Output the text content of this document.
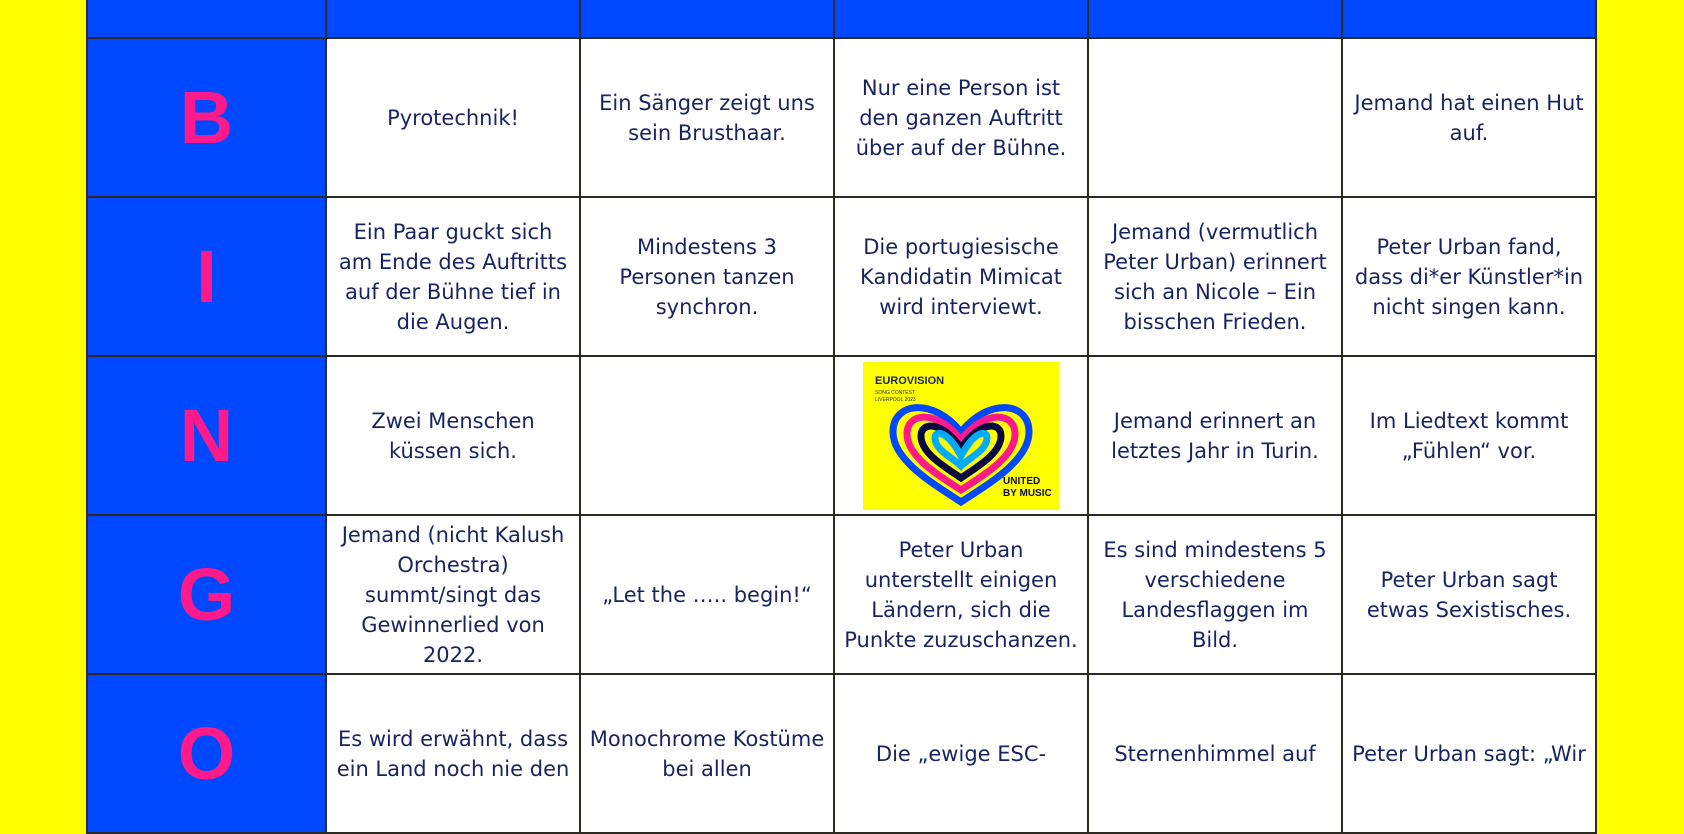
B	Pyrotechnik!	Ein Sänger zeigt uns sein Brusthaar.	Nur eine Person ist den ganzen Auftritt über auf der Bühne.		Jemand hat einen Hut auf.
I	Ein Paar guckt sich am Ende des Auftritts auf der Bühne tief in die Augen.	Mindestens 3 Personen tanzen synchron.	Die portugiesische Kandidatin Mimicat wird interviewt.	Jemand (vermutlich Peter Urban) erinnert sich an Nicole – Ein bisschen Frieden.	Peter Urban fand, dass di*er Künstler*in nicht singen kann.
N	Zwei Menschen küssen sich.		EUROVISION
SONG CONTEST
LIVERPOOL 2023
UNITED
BY MUSIC	Jemand erinnert an letztes Jahr in Turin.	Im Liedtext kommt „Fühlen“ vor.
G	Jemand (nicht Kalush Orchestra) summt/singt das Gewinnerlied von 2022.	„Let the ….. begin!“	Peter Urban unterstellt einigen Ländern, sich die Punkte zuzuschanzen.	Es sind mindestens 5 verschiedene Landesflaggen im Bild.	Peter Urban sagt etwas Sexistisches.
O	Es wird erwähnt, dass ein Land noch nie den	Monochrome Kostüme bei allen	Die „ewige ESC-	Sternenhimmel auf	Peter Urban sagt: „Wir
